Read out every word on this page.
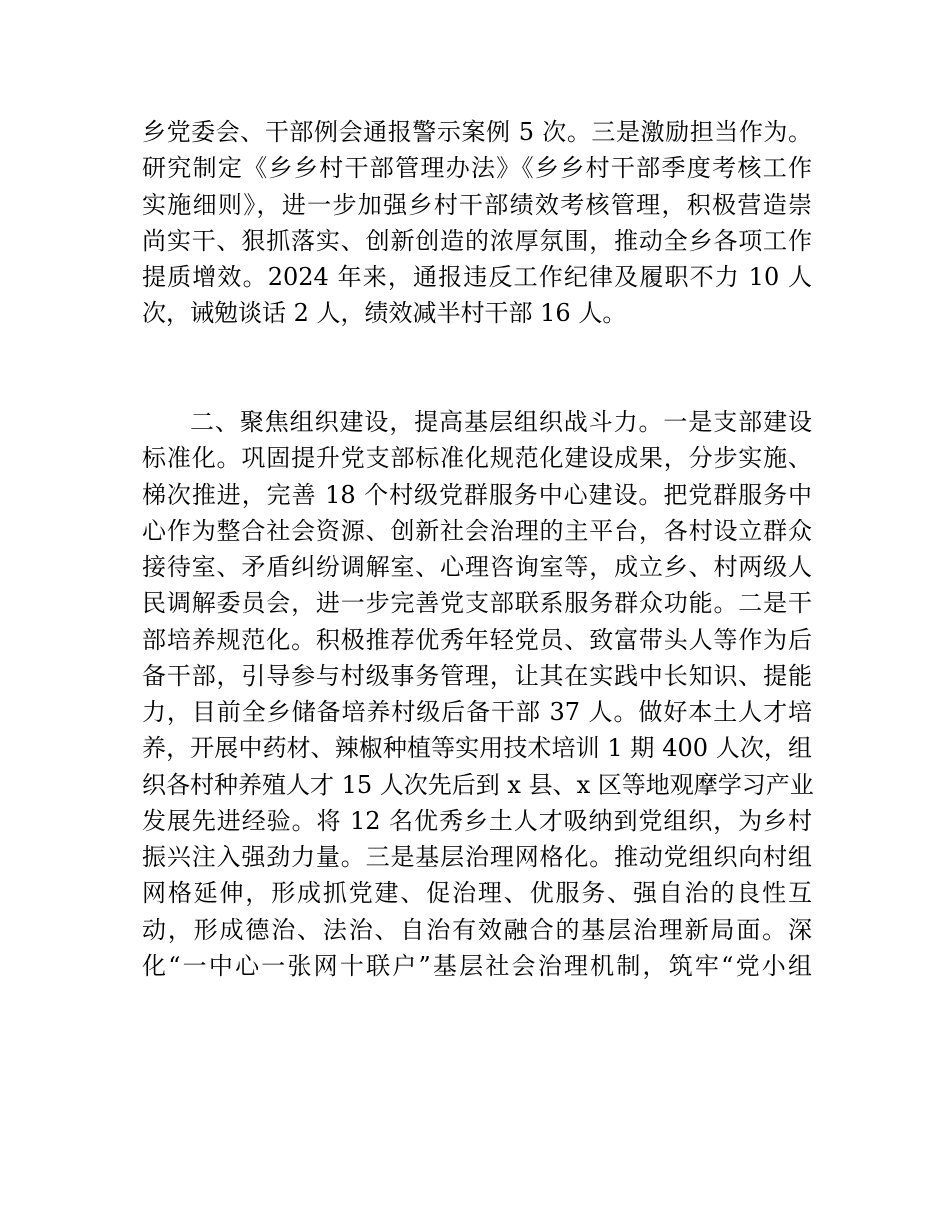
乡党委会、干部例会通报警示案例 5 次。三是激励担当作为。
研究制定《乡乡村干部管理办法》《乡乡村干部季度考核工作
实施细则》，进一步加强乡村干部绩效考核管理，积极营造崇
尚实干、狠抓落实、创新创造的浓厚氛围，推动全乡各项工作
提质增效。2024 年来，通报违反工作纪律及履职不力 10 人
次，诫勉谈话 2 人，绩效减半村干部 16 人。
二、聚焦组织建设，提高基层组织战斗力。一是支部建设
标准化。巩固提升党支部标准化规范化建设成果，分步实施、
梯次推进，完善 18 个村级党群服务中心建设。把党群服务中
心作为整合社会资源、创新社会治理的主平台，各村设立群众
接待室、矛盾纠纷调解室、心理咨询室等，成立乡、村两级人
民调解委员会，进一步完善党支部联系服务群众功能。二是干
部培养规范化。积极推荐优秀年轻党员、致富带头人等作为后
备干部，引导参与村级事务管理，让其在实践中长知识、提能
力，目前全乡储备培养村级后备干部 37 人。做好本土人才培
养，开展中药材、辣椒种植等实用技术培训 1 期 400 人次，组
织各村种养殖人才 15 人次先后到 x 县、x 区等地观摩学习产业
发展先进经验。将 12 名优秀乡土人才吸纳到党组织，为乡村
振兴注入强劲力量。三是基层治理网格化。推动党组织向村组
网格延伸，形成抓党建、促治理、优服务、强自治的良性互
动，形成德治、法治、自治有效融合的基层治理新局面。深
化“一中心一张网十联户”基层社会治理机制，筑牢“党小组
